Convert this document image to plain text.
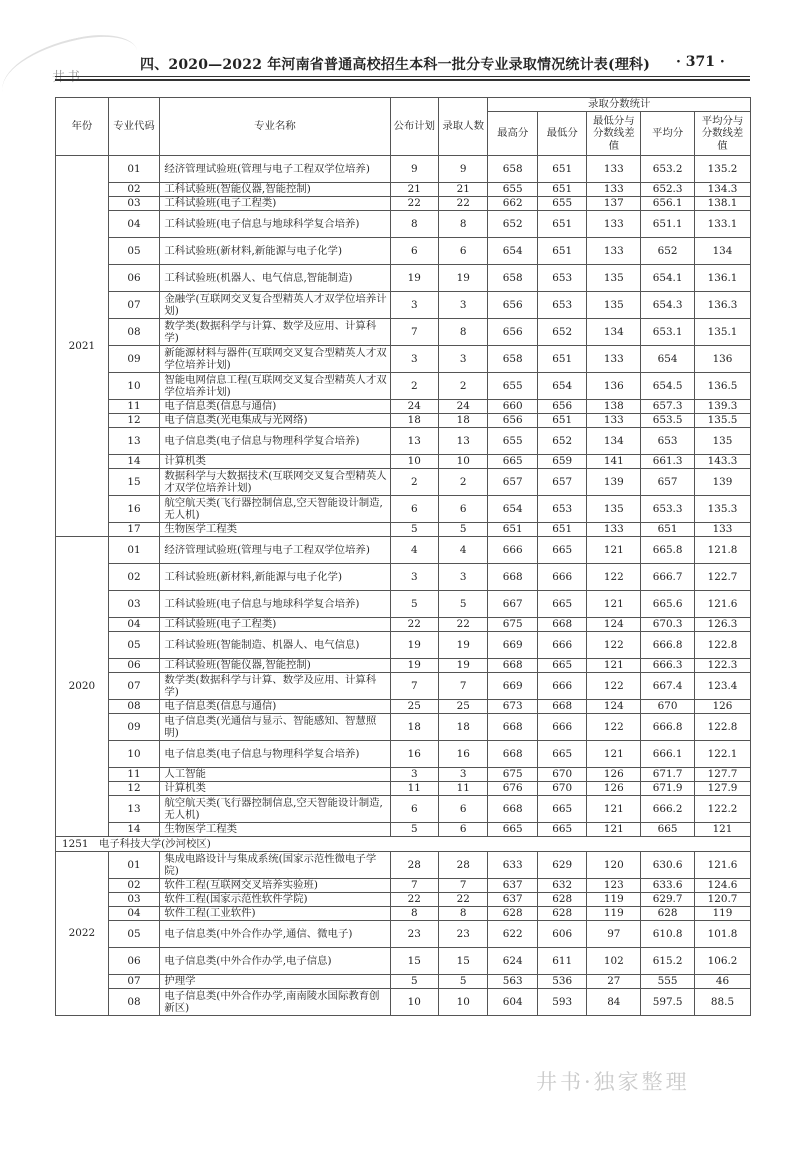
井书
四、2020—2022 年河南省普通高校招生本科一批分专业录取情况统计表(理科) · 371 ·
年份	专业代码	专业名称	公布计划	录取人数	录取分数统计				
					最高分	最低分	最低分与分数线差值	平均分	平均分与分数线差值
2021	01	经济管理试验班(管理与电子工程双学位培养)	9	9	658	651	133	653.2	135.2
	02	工科试验班(智能仪器,智能控制)	21	21	655	651	133	652.3	134.3
	03	工科试验班(电子工程类)	22	22	662	655	137	656.1	138.1
	04	工科试验班(电子信息与地球科学复合培养)	8	8	652	651	133	651.1	133.1
	05	工科试验班(新材料,新能源与电子化学)	6	6	654	651	133	652	134
	06	工科试验班(机器人、电气信息,智能制造)	19	19	658	653	135	654.1	136.1
	07	金融学(互联网交叉复合型精英人才双学位培养计划)	3	3	656	653	135	654.3	136.3
	08	数学类(数据科学与计算、数学及应用、计算科学)	7	8	656	652	134	653.1	135.1
	09	新能源材料与器件(互联网交叉复合型精英人才双学位培养计划)	3	3	658	651	133	654	136
	10	智能电网信息工程(互联网交叉复合型精英人才双学位培养计划)	2	2	655	654	136	654.5	136.5
	11	电子信息类(信息与通信)	24	24	660	656	138	657.3	139.3
	12	电子信息类(光电集成与光网络)	18	18	656	651	133	653.5	135.5
	13	电子信息类(电子信息与物理科学复合培养)	13	13	655	652	134	653	135
	14	计算机类	10	10	665	659	141	661.3	143.3
	15	数据科学与大数据技术(互联网交叉复合型精英人才双学位培养计划)	2	2	657	657	139	657	139
	16	航空航天类(飞行器控制信息,空天智能设计制造,无人机)	6	6	654	653	135	653.3	135.3
	17	生物医学工程类	5	5	651	651	133	651	133
2020	01	经济管理试验班(管理与电子工程双学位培养)	4	4	666	665	121	665.8	121.8
	02	工科试验班(新材料,新能源与电子化学)	3	3	668	666	122	666.7	122.7
	03	工科试验班(电子信息与地球科学复合培养)	5	5	667	665	121	665.6	121.6
	04	工科试验班(电子工程类)	22	22	675	668	124	670.3	126.3
	05	工科试验班(智能制造、机器人、电气信息)	19	19	669	666	122	666.8	122.8
	06	工科试验班(智能仪器,智能控制)	19	19	668	665	121	666.3	122.3
	07	数学类(数据科学与计算、数学及应用、计算科学)	7	7	669	666	122	667.4	123.4
	08	电子信息类(信息与通信)	25	25	673	668	124	670	126
	09	电子信息类(光通信与显示、智能感知、智慧照明)	18	18	668	666	122	666.8	122.8
	10	电子信息类(电子信息与物理科学复合培养)	16	16	668	665	121	666.1	122.1
	11	人工智能	3	3	675	670	126	671.7	127.7
	12	计算机类	11	11	676	670	126	671.9	127.9
	13	航空航天类(飞行器控制信息,空天智能设计制造,无人机)	6	6	668	665	121	666.2	122.2
	14	生物医学工程类	5	6	665	665	121	665	121
1251　电子科技大学(沙河校区)									
2022	01	集成电路设计与集成系统(国家示范性微电子学院)	28	28	633	629	120	630.6	121.6
	02	软件工程(互联网交叉培养实验班)	7	7	637	632	123	633.6	124.6
	03	软件工程(国家示范性软件学院)	22	22	637	628	119	629.7	120.7
	04	软件工程(工业软件)	8	8	628	628	119	628	119
	05	电子信息类(中外合作办学,通信、微电子)	23	23	622	606	97	610.8	101.8
	06	电子信息类(中外合作办学,电子信息)	15	15	624	611	102	615.2	106.2
	07	护理学	5	5	563	536	27	555	46
	08	电子信息类(中外合作办学,南南陵水国际教育创新区)	10	10	604	593	84	597.5	88.5
井书·独家整理
